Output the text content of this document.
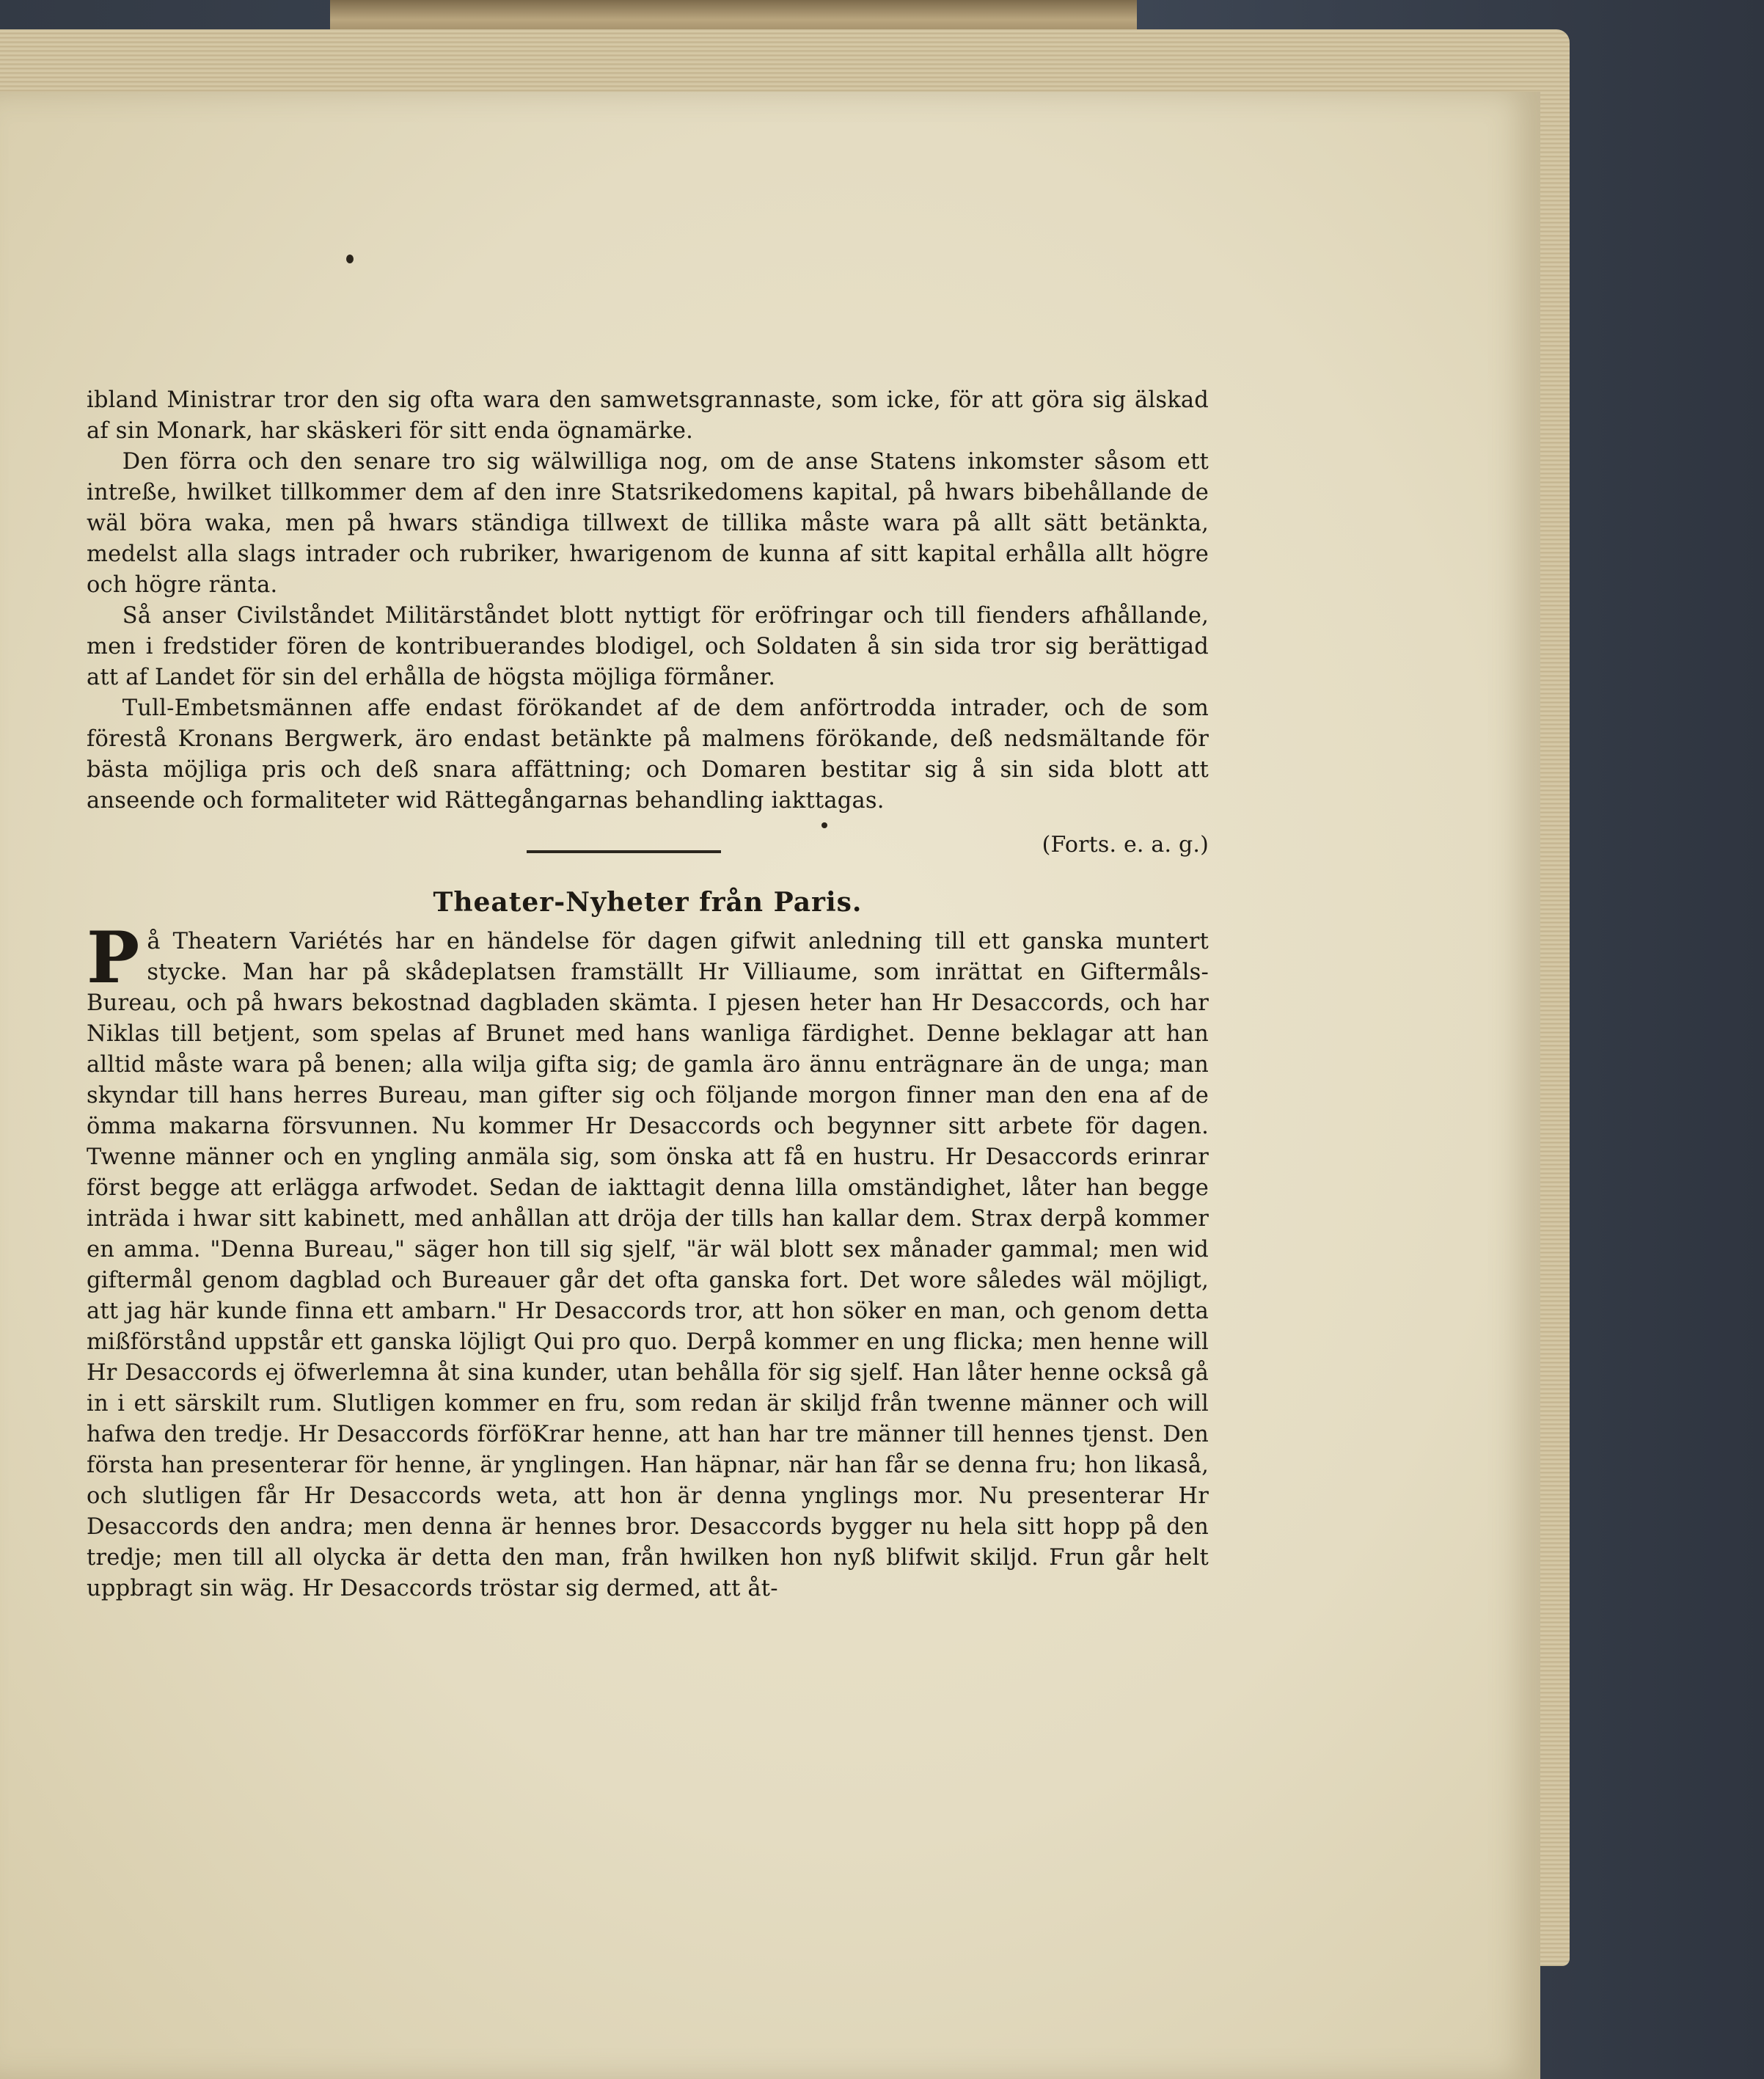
ibland Ministrar tror den sig ofta wara den samwetsgrannaste, som icke, för att göra sig älskad af sin Monark, har skäskeri för sitt enda ögnamärke.

Den förra och den senare tro sig wälwilliga nog, om de anse Statens inkomster såsom ett intreße, hwilket tillkommer dem af den inre Statsrikedomens kapital, på hwars bibehållande de wäl böra waka, men på hwars ständiga tillwext de tillika måste wara på allt sätt betänkta, medelst alla slags intrader och rubriker, hwarigenom de kunna af sitt kapital erhålla allt högre och högre ränta.

Så anser Civilståndet Militärståndet blott nyttigt för eröfringar och till fienders afhållande, men i fredstider fören de kontribuerandes blodigel, och Soldaten å sin sida tror sig berättigad att af Landet för sin del erhålla de högsta möjliga förmåner.

Tull-Embetsmännen affe endast förökandet af de dem anförtrodda intrader, och de som förestå Kronans Bergwerk, äro endast betänkte på malmens förökande, deß nedsmältande för bästa möjliga pris och deß snara affättning; och Domaren bestitar sig å sin sida blott att anseende och formaliteter wid Rättegångarnas behandling iakttagas.

(Forts. e. a. g.)
Theater-Nyheter från Paris.

P å Theatern Variétés har en händelse för dagen gifwit anledning till ett ganska muntert stycke. Man har på skådeplatsen framställt Hr Villiaume, som inrättat en Giftermåls-Bureau, och på hwars bekostnad dagbladen skämta. I pjesen heter han Hr Desaccords, och har Niklas till betjent, som spelas af Brunet med hans wanliga färdighet. Denne beklagar att han alltid måste wara på benen; alla wilja gifta sig; de gamla äro ännu enträgnare än de unga; man skyndar till hans herres Bureau, man gifter sig och följande morgon finner man den ena af de ömma makarna försvunnen. Nu kommer Hr Desaccords och begynner sitt arbete för dagen. Twenne männer och en yngling anmäla sig, som önska att få en hustru. Hr Desaccords erinrar först begge att erlägga arfwodet. Sedan de iakttagit denna lilla omständighet, låter han begge inträda i hwar sitt kabinett, med anhållan att dröja der tills han kallar dem. Strax derpå kommer en amma. "Denna Bureau," säger hon till sig sjelf, "är wäl blott sex månader gammal; men wid giftermål genom dagblad och Bureauer går det ofta ganska fort. Det wore således wäl möjligt, att jag här kunde finna ett ambarn." Hr Desaccords tror, att hon söker en man, och genom detta mißförstånd uppstår ett ganska löjligt Qui pro quo. Derpå kommer en ung flicka; men henne will Hr Desaccords ej öfwerlemna åt sina kunder, utan behålla för sig sjelf. Han låter henne också gå in i ett särskilt rum. Slutligen kommer en fru, som redan är skiljd från twenne männer och will hafwa den tredje. Hr Desaccords förföKrar henne, att han har tre männer till hennes tjenst. Den första han presenterar för henne, är ynglingen. Han häpnar, när han får se denna fru; hon likaså, och slutligen får Hr Desaccords weta, att hon är denna ynglings mor. Nu presenterar Hr Desaccords den andra; men denna är hennes bror. Desaccords bygger nu hela sitt hopp på den tredje; men till all olycka är detta den man, från hwilken hon nyß blifwit skiljd. Frun går helt uppbragt sin wäg. Hr Desaccords tröstar sig dermed, att åt-
